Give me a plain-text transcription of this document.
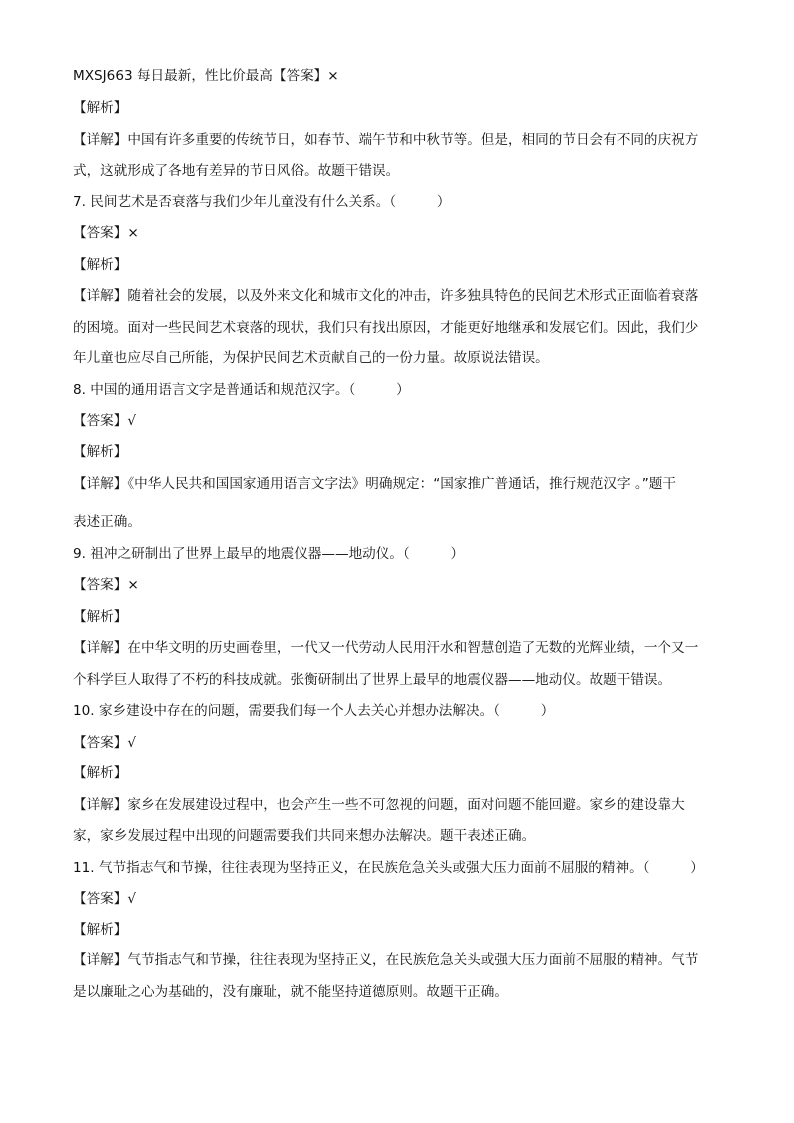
MXSJ663 每日最新，性比价最高【答案】×
【解析】
【详解】中国有许多重要的传统节日，如春节、端午节和中秋节等。但是，相同的节日会有不同的庆祝方
式，这就形成了各地有差异的节日风俗。故题干错误。
7. 民间艺术是否衰落与我们少年儿童没有什么关系。（　　　）
【答案】×
【解析】
【详解】随着社会的发展，以及外来文化和城市文化的冲击，许多独具特色的民间艺术形式正面临着衰落
的困境。面对一些民间艺术衰落的现状，我们只有找出原因，才能更好地继承和发展它们。因此，我们少
年儿童也应尽自己所能，为保护民间艺术贡献自己的一份力量。故原说法错误。
8. 中国的通用语言文字是普通话和规范汉字。（　　　）
【答案】√
【解析】
【详解】《中华人民共和国国家通用语言文字法》明确规定：“国家推广普通话，推行规范汉字 。”题干
表述正确。
9. 祖冲之研制出了世界上最早的地震仪器——地动仪。（　　　）
【答案】×
【解析】
【详解】在中华文明的历史画卷里，一代又一代劳动人民用汗水和智慧创造了无数的光辉业绩，一个又一
个科学巨人取得了不朽的科技成就。张衡研制出了世界上最早的地震仪器——地动仪。故题干错误。
10. 家乡建设中存在的问题，需要我们每一个人去关心并想办法解决。（　　　）
【答案】√
【解析】
【详解】家乡在发展建设过程中，也会产生一些不可忽视的问题，面对问题不能回避。家乡的建设靠大
家，家乡发展过程中出现的问题需要我们共同来想办法解决。题干表述正确。
11. 气节指志气和节操，往往表现为坚持正义，在民族危急关头或强大压力面前不屈服的精神。（　　　）
【答案】√
【解析】
【详解】气节指志气和节操，往往表现为坚持正义，在民族危急关头或强大压力面前不屈服的精神。气节
是以廉耻之心为基础的，没有廉耻，就不能坚持道德原则。故题干正确。
